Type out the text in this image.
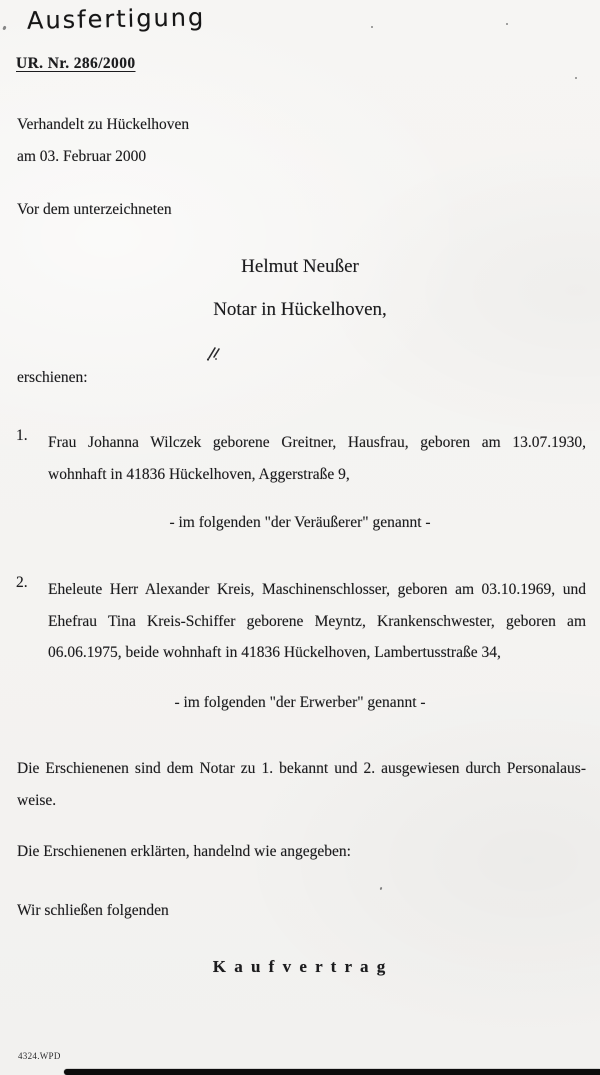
Ausfertigung
UR. Nr. 286/2000
Verhandelt zu Hückelhoven
am 03. Februar 2000
Vor dem unterzeichneten
Helmut Neußer
Notar in Hückelhoven,
erschienen:
1. Frau Johanna Wilczek geborene Greitner, Hausfrau, geboren am 13.07.1930,
wohnhaft in 41836 Hückelhoven, Aggerstraße 9,
- im folgenden "der Veräußerer" genannt -
2. Eheleute Herr Alexander Kreis, Maschinenschlosser, geboren am 03.10.1969, und
Ehefrau Tina Kreis-Schiffer geborene Meyntz, Krankenschwester, geboren am
06.06.1975, beide wohnhaft in 41836 Hückelhoven, Lambertusstraße 34,
- im folgenden "der Erwerber" genannt -
Die Erschienenen sind dem Notar zu 1. bekannt und 2. ausgewiesen durch Personalaus-
weise.
Die Erschienenen erklärten, handelnd wie angegeben:
Wir schließen folgenden
K a u f v e r t r a g
4324.WPD
